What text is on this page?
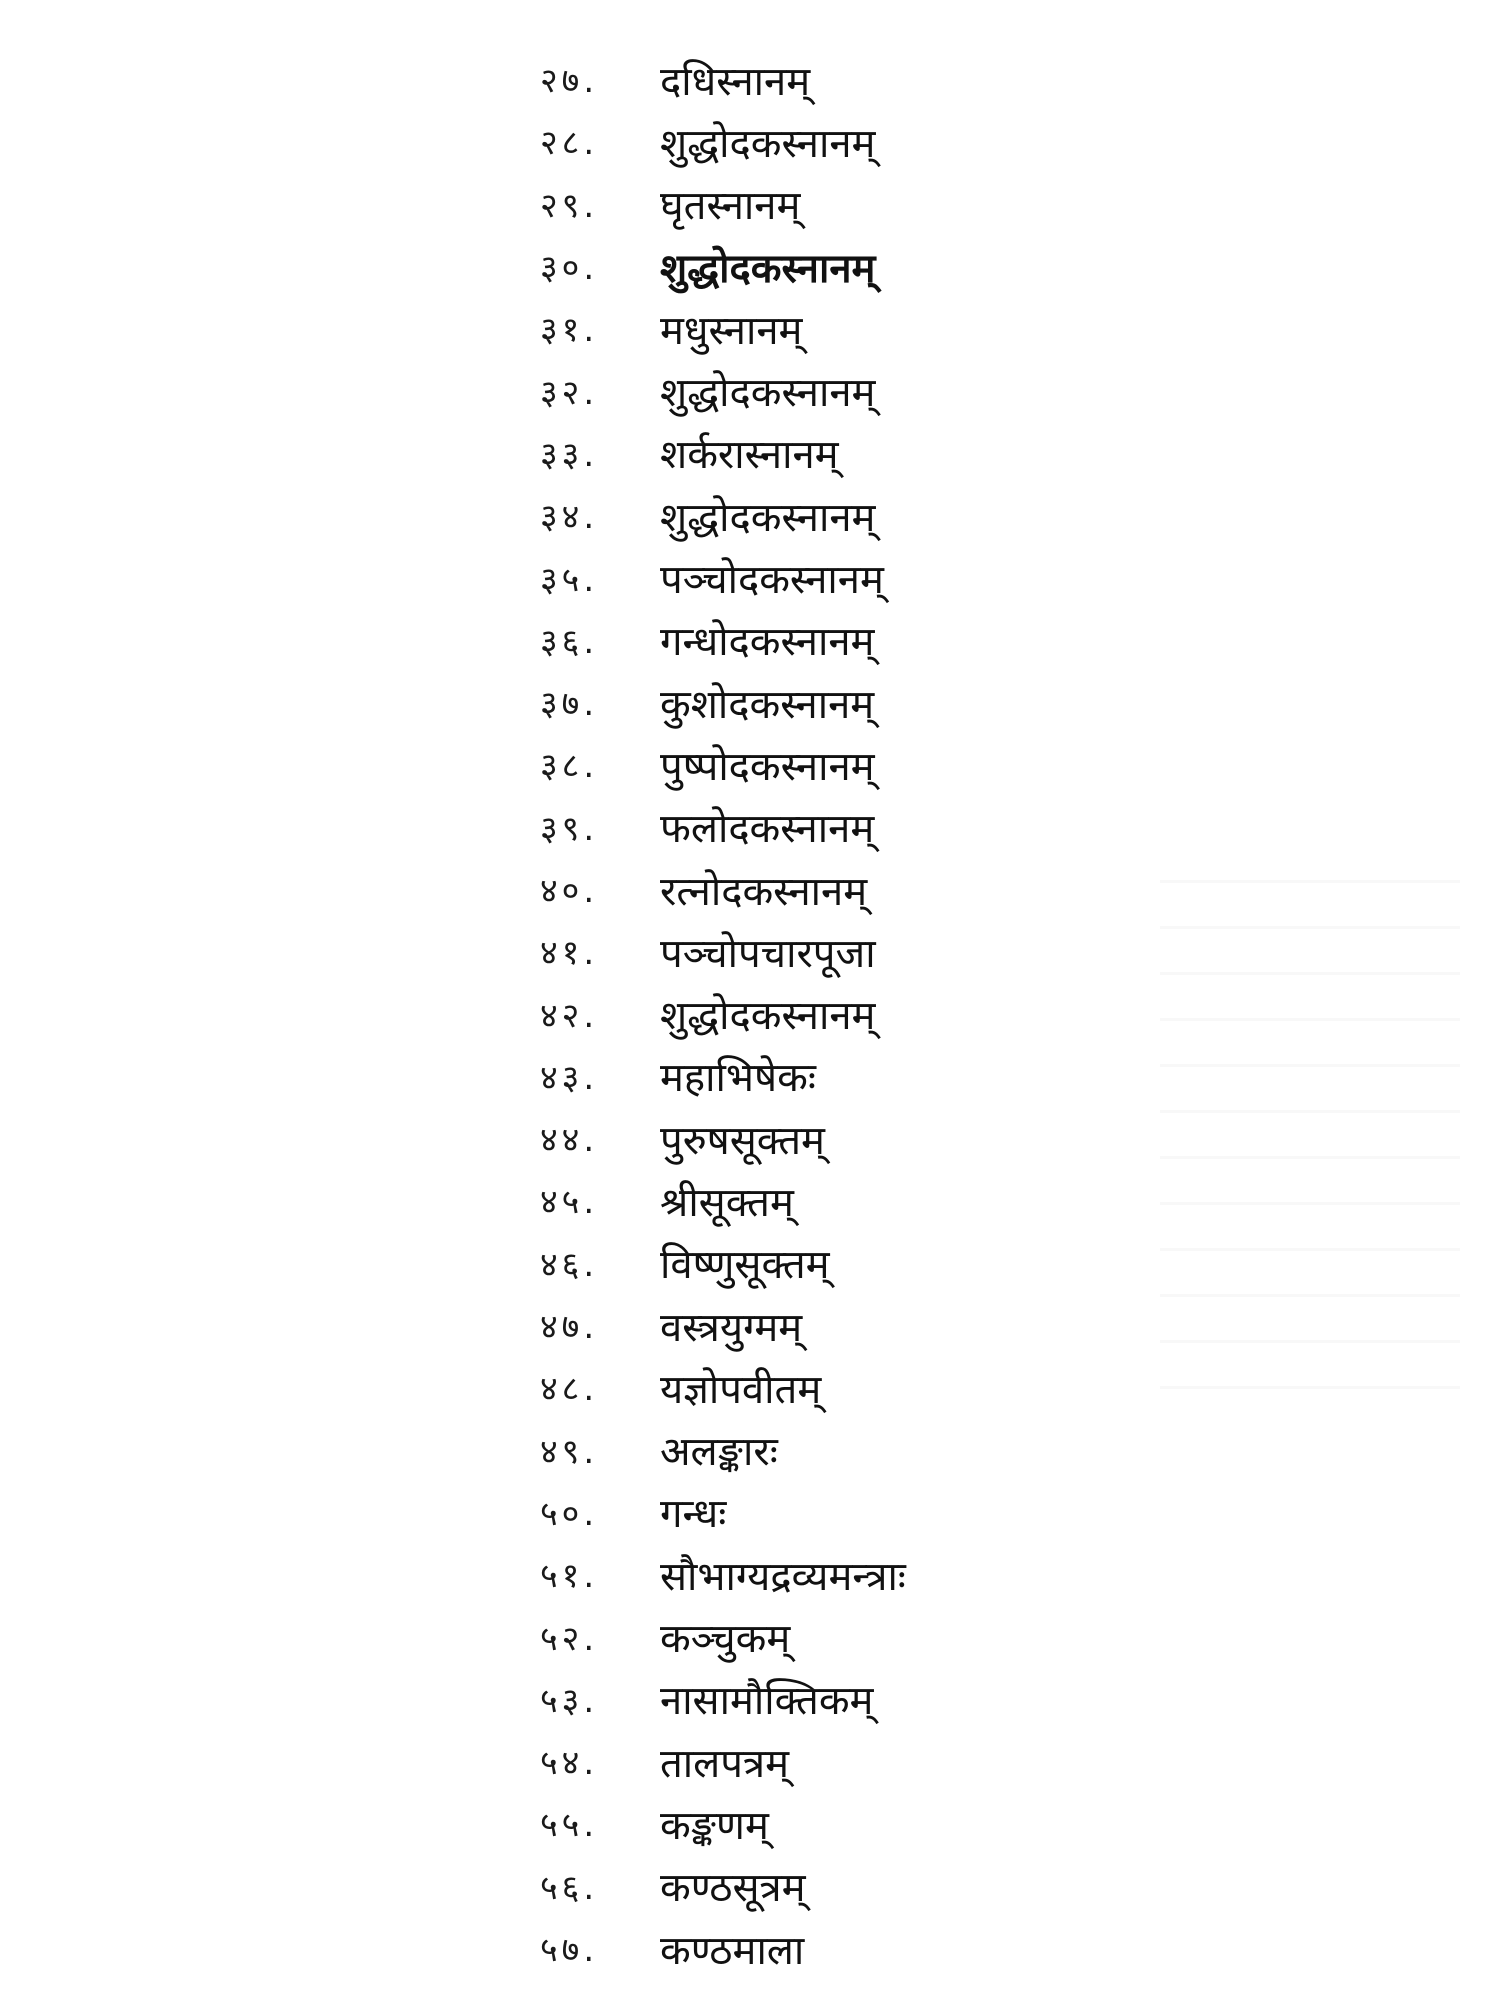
२७.	दधिस्नानम्
२८.	शुद्धोदकस्नानम्
२९.	घृतस्नानम्
३०.	शुद्धोदकस्नानम्
३१.	मधुस्नानम्
३२.	शुद्धोदकस्नानम्
३३.	शर्करास्नानम्
३४.	शुद्धोदकस्नानम्
३५.	पञ्चोदकस्नानम्
३६.	गन्धोदकस्नानम्
३७.	कुशोदकस्नानम्
३८.	पुष्पोदकस्नानम्
३९.	फलोदकस्नानम्
४०.	रत्नोदकस्नानम्
४१.	पञ्चोपचारपूजा
४२.	शुद्धोदकस्नानम्
४३.	महाभिषेकः
४४.	पुरुषसूक्तम्
४५.	श्रीसूक्तम्
४६.	विष्णुसूक्तम्
४७.	वस्त्रयुग्मम्
४८.	यज्ञोपवीतम्
४९.	अलङ्कारः
५०.	गन्धः
५१.	सौभाग्यद्रव्यमन्त्राः
५२.	कञ्चुकम्
५३.	नासामौक्तिकम्
५४.	तालपत्रम्
५५.	कङ्कणम्
५६.	कण्ठसूत्रम्
५७.	कण्ठमाला
